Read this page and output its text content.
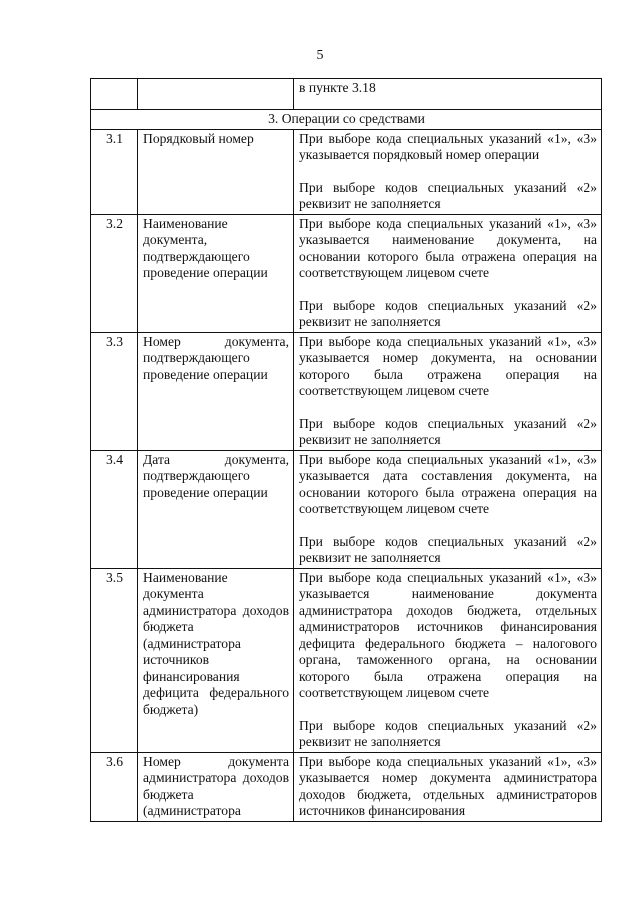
5
		в пункте 3.18
3. Операции со средствами		
3.1	Порядковый номер	При выборе кода специальных указаний «1», «3» указывается порядковый номер операции
При выборе кодов специальных указаний «2» реквизит не заполняется

3.2	Наименование документа, подтверждающего проведение операции	При выборе кода специальных указаний «1», «3» указывается наименование документа, на основании которого была отражена операция на соответствующем лицевом счете
При выборе кодов специальных указаний «2» реквизит не заполняется

3.3	Номер документа, подтверждающего проведение операции	При выборе кода специальных указаний «1», «3» указывается номер документа, на основании которого была отражена операция на соответствующем лицевом счете
При выборе кодов специальных указаний «2» реквизит не заполняется

3.4	Дата документа, подтверждающего проведение операции	При выборе кода специальных указаний «1», «3» указывается дата составления документа, на основании которого была отражена операция на соответствующем лицевом счете
При выборе кодов специальных указаний «2» реквизит не заполняется

3.5	Наименование документа администратора доходов бюджета (администратора источников финансирования дефицита федерального бюджета)	При выборе кода специальных указаний «1», «3» указывается наименование документа администратора доходов бюджета, отдельных администраторов источников финансирования дефицита федерального бюджета – налогового органа, таможенного органа, на основании которого была отражена операция на соответствующем лицевом счете
При выборе кодов специальных указаний «2» реквизит не заполняется

3.6	Номер документа администратора доходов бюджета (администратора	При выборе кода специальных указаний «1», «3» указывается номер документа администратора доходов бюджета, отдельных администраторов источников финансирования
